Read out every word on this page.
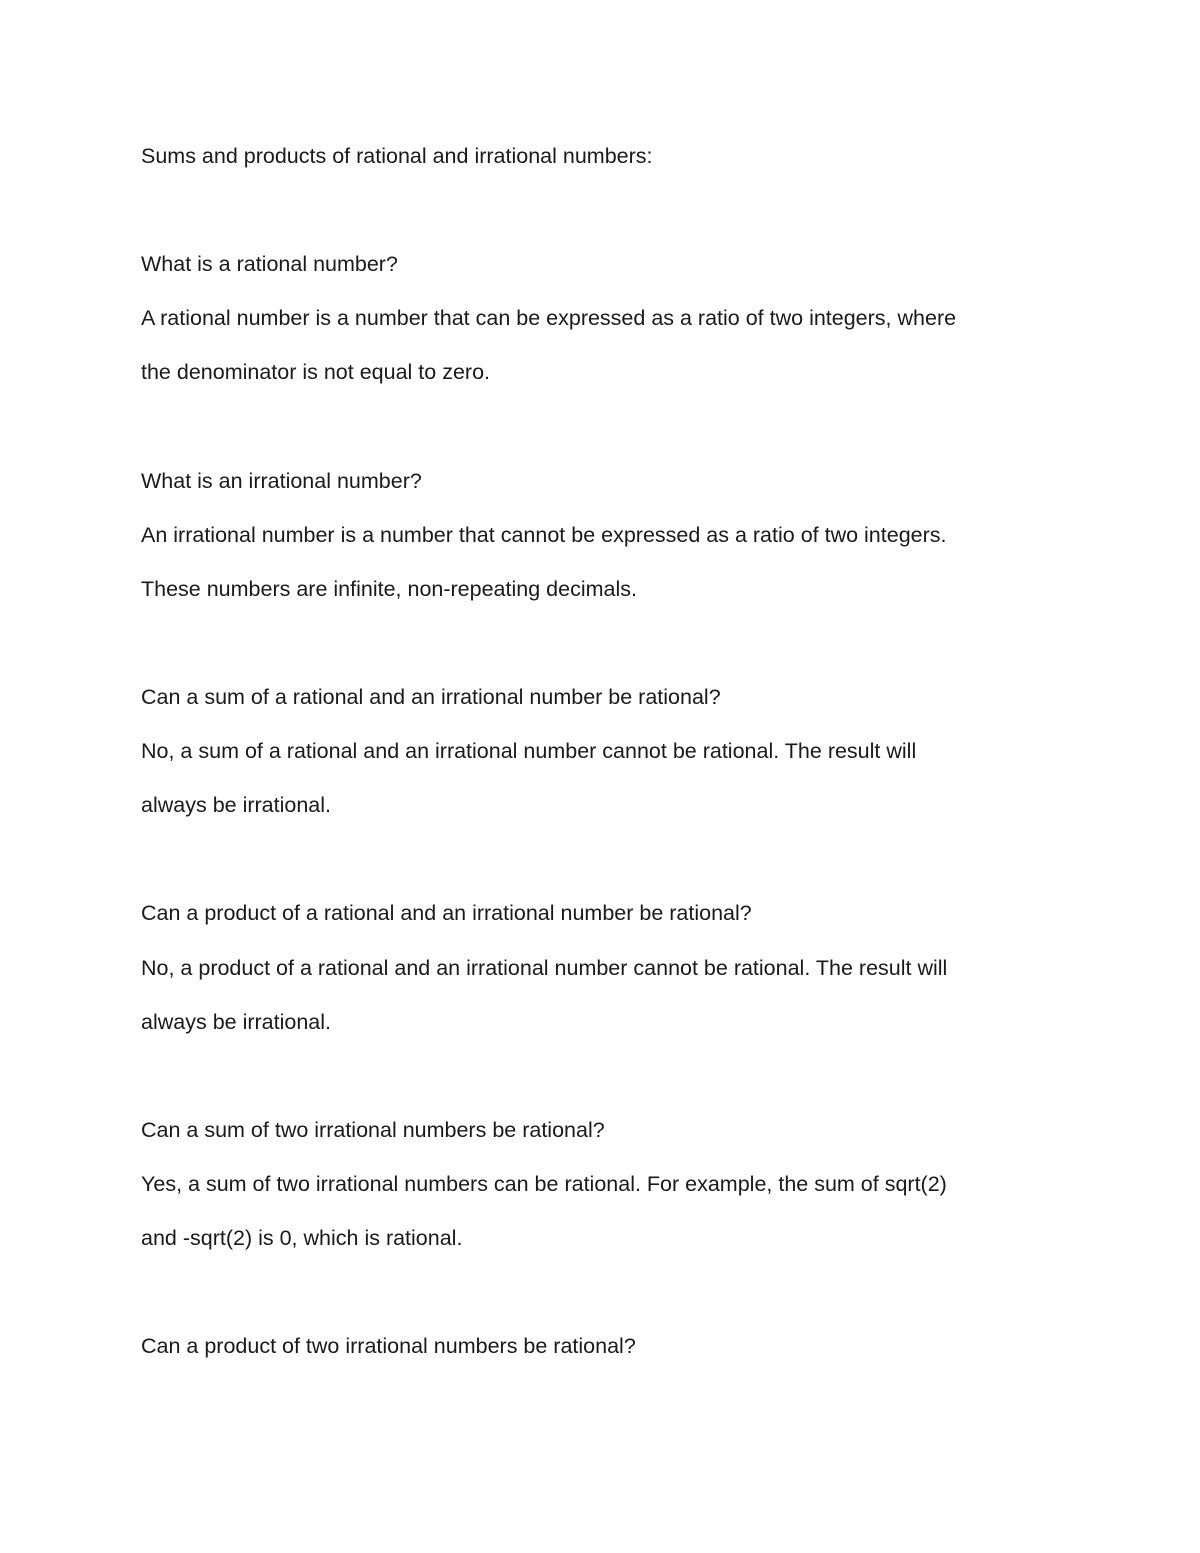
Sums and products of rational and irrational numbers:
What is a rational number?
A rational number is a number that can be expressed as a ratio of two integers, where
the denominator is not equal to zero.
What is an irrational number?
An irrational number is a number that cannot be expressed as a ratio of two integers.
These numbers are infinite, non-repeating decimals.
Can a sum of a rational and an irrational number be rational?
No, a sum of a rational and an irrational number cannot be rational. The result will
always be irrational.
Can a product of a rational and an irrational number be rational?
No, a product of a rational and an irrational number cannot be rational. The result will
always be irrational.
Can a sum of two irrational numbers be rational?
Yes, a sum of two irrational numbers can be rational. For example, the sum of sqrt(2)
and -sqrt(2) is 0, which is rational.
Can a product of two irrational numbers be rational?
